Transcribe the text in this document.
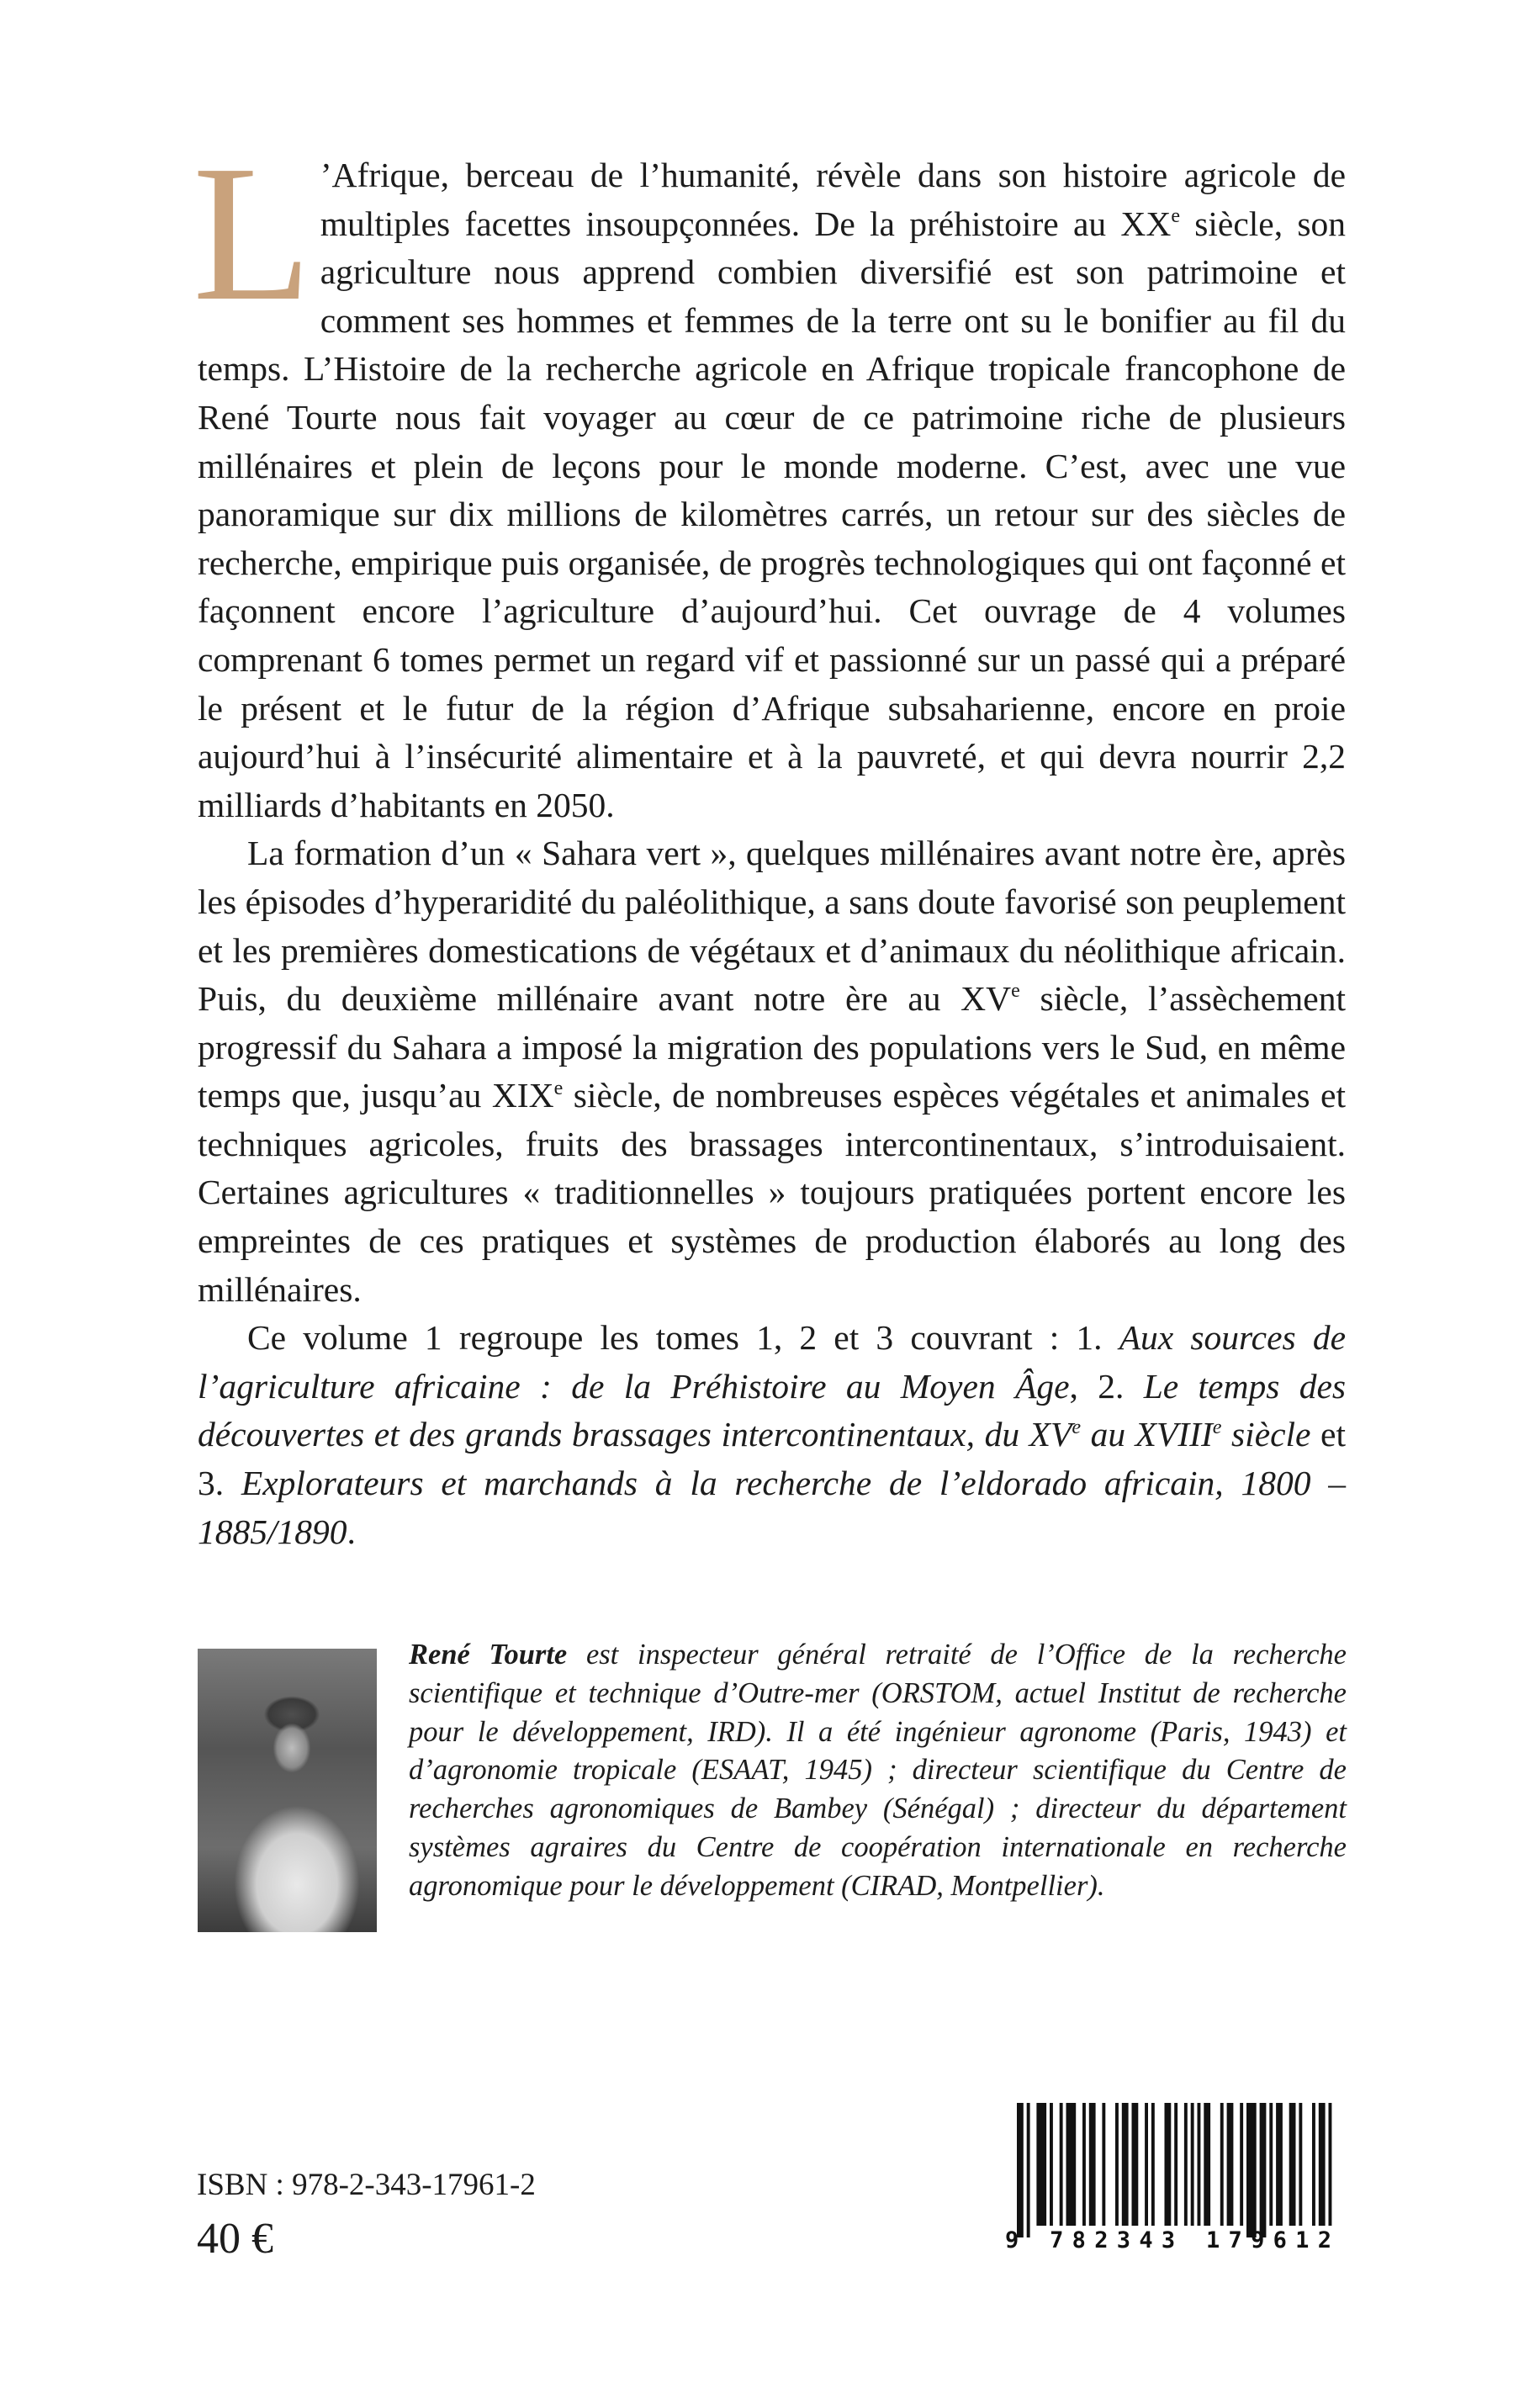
L ’Afrique, berceau de l’humanité, révèle dans son histoire agricole de multiples facettes insoupçonnées. De la préhistoire au XXe siècle, son agriculture nous apprend combien diversifié est son patrimoine et comment ses hommes et femmes de la terre ont su le bonifier au fil du temps. L’Histoire de la recherche agricole en Afrique tropicale francophone de René Tourte nous fait voyager au cœur de ce patrimoine riche de plusieurs millénaires et plein de leçons pour le monde moderne. C’est, avec une vue panoramique sur dix millions de kilomètres carrés, un retour sur des siècles de recherche, empirique puis organisée, de progrès technologiques qui ont façonné et façonnent encore l’agriculture d’aujourd’hui. Cet ouvrage de 4 volumes comprenant 6 tomes permet un regard vif et passionné sur un passé qui a préparé le présent et le futur de la région d’Afrique subsaharienne, encore en proie aujourd’hui à l’insécurité alimentaire et à la pauvreté, et qui devra nourrir 2,2 milliards d’habitants en 2050.

La formation d’un « Sahara vert », quelques millénaires avant notre ère, après les épisodes d’hyperaridité du paléolithique, a sans doute favorisé son peuplement et les premières domestications de végétaux et d’animaux du néolithique africain. Puis, du deuxième millénaire avant notre ère au XVe siècle, l’assèchement progressif du Sahara a imposé la migration des populations vers le Sud, en même temps que, jusqu’au XIXe siècle, de nombreuses espèces végétales et animales et techniques agricoles, fruits des brassages intercontinentaux, s’introduisaient. Certaines agricultures « traditionnelles » toujours pratiquées portent encore les empreintes de ces pratiques et systèmes de production élaborés au long des millénaires.

Ce volume 1 regroupe les tomes 1, 2 et 3 couvrant : 1. Aux sources de l’agriculture africaine : de la Préhistoire au Moyen Âge, 2. Le temps des découvertes et des grands brassages intercontinentaux, du XVe au XVIIIe siècle et 3. Explorateurs et marchands à la recherche de l’eldorado africain, 1800 – 1885/1890.

René Tourte est inspecteur général retraité de l’Office de la recherche scientifique et technique d’Outre-mer (ORSTOM, actuel Institut de recherche pour le développement, IRD). Il a été ingénieur agronome (Paris, 1943) et d’agronomie tropicale (ESAAT, 1945) ; directeur scientifique du Centre de recherches agronomiques de Bambey (Sénégal) ; directeur du département systèmes agraires du Centre de coopération internationale en recherche agronomique pour le développement (CIRAD, Montpellier).
9 782343 179612
ISBN : 978-2-343-17961-2
40 €
